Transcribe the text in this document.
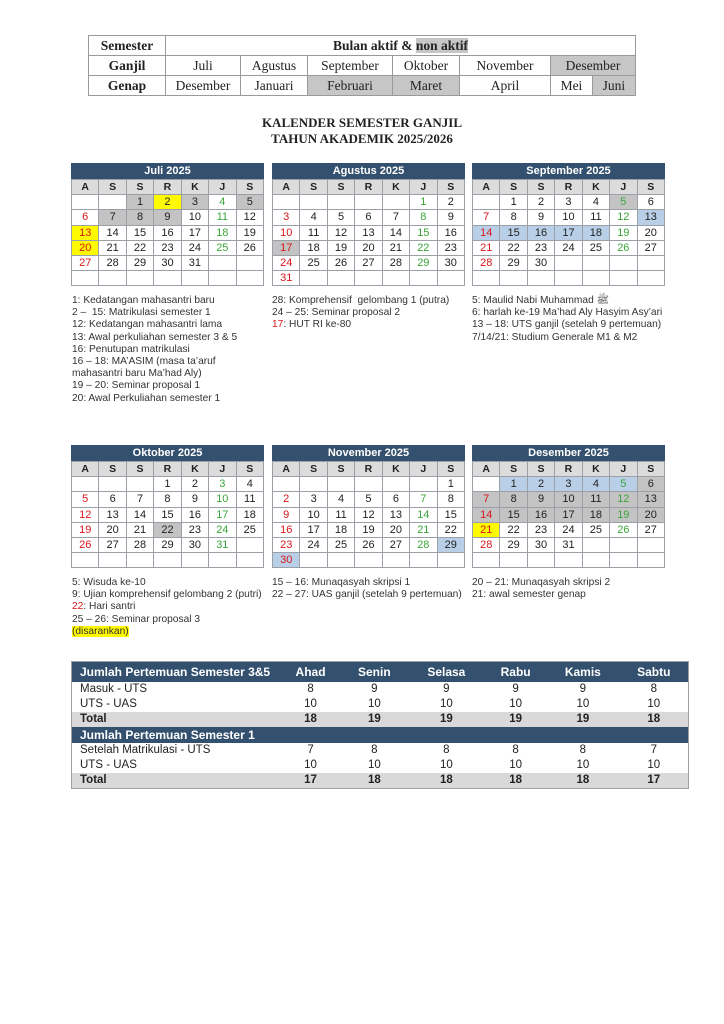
Semester	Bulan aktif & non aktif						
Ganjil	Juli	Agustus	September	Oktober	November	Desember	
Genap	Desember	Januari	Februari	Maret	April	Mei	Juni
KALENDER SEMESTER GANJIL
TAHUN AKADEMIK 2025/2026
Juli 2025
A	S	S	R	K	J	S
		1	2	3	4	5
6	7	8	9	10	11	12
13	14	15	16	17	18	19
20	21	22	23	24	25	26
27	28	29	30	31		

Agustus 2025
A	S	S	R	K	J	S
					1	2
3	4	5	6	7	8	9
10	11	12	13	14	15	16
17	18	19	20	21	22	23
24	25	26	27	28	29	30
31						
September 2025
A	S	S	R	K	J	S
	1	2	3	4	5	6
7	8	9	10	11	12	13
14	15	16	17	18	19	20
21	22	23	24	25	26	27
28	29	30				

Oktober 2025
A	S	S	R	K	J	S
			1	2	3	4
5	6	7	8	9	10	11
12	13	14	15	16	17	18
19	20	21	22	23	24	25
26	27	28	29	30	31	

November 2025
A	S	S	R	K	J	S
						1
2	3	4	5	6	7	8
9	10	11	12	13	14	15
16	17	18	19	20	21	22
23	24	25	26	27	28	29
30						
Desember 2025
A	S	S	R	K	J	S
	1	2	3	4	5	6
7	8	9	10	11	12	13
14	15	16	17	18	19	20
21	22	23	24	25	26	27
28	29	30	31			

1: Kedatangan mahasantri baru
2 –  15: Matrikulasi semester 1
12: Kedatangan mahasantri lama
13: Awal perkuliahan semester 3 & 5
16: Penutupan matrikulasi
16 – 18: MA’ASIM (masa ta’aruf mahasantri baru Ma’had Aly)
19 – 20: Seminar proposal 1
20: Awal Perkuliahan semester 1
28: Komprehensif  gelombang 1 (putra)
24 – 25: Seminar proposal 2
17: HUT RI ke-80
5: Maulid Nabi Muhammad ﷺ
6: harlah ke-19 Ma’had Aly Hasyim Asy’ari
13 – 18: UTS ganjil (setelah 9 pertemuan)
7/14/21: Studium Generale M1 & M2
5: Wisuda ke-10
9: Ujian komprehensif gelombang 2 (putri)
22: Hari santri
25 – 26: Seminar proposal 3
(disarankan)
15 – 16: Munaqasyah skripsi 1
22 – 27: UAS ganjil (setelah 9 pertemuan)
20 – 21: Munaqasyah skripsi 2
21: awal semester genap
Jumlah Pertemuan Semester 3&5	Ahad	Senin	Selasa	Rabu	Kamis	Sabtu
Masuk - UTS	8	9	9	9	9	8
UTS - UAS	10	10	10	10	10	10
Total	18	19	19	19	19	18
Jumlah Pertemuan Semester 1						
Setelah Matrikulasi - UTS	7	8	8	8	8	7
UTS - UAS	10	10	10	10	10	10
Total	17	18	18	18	18	17
